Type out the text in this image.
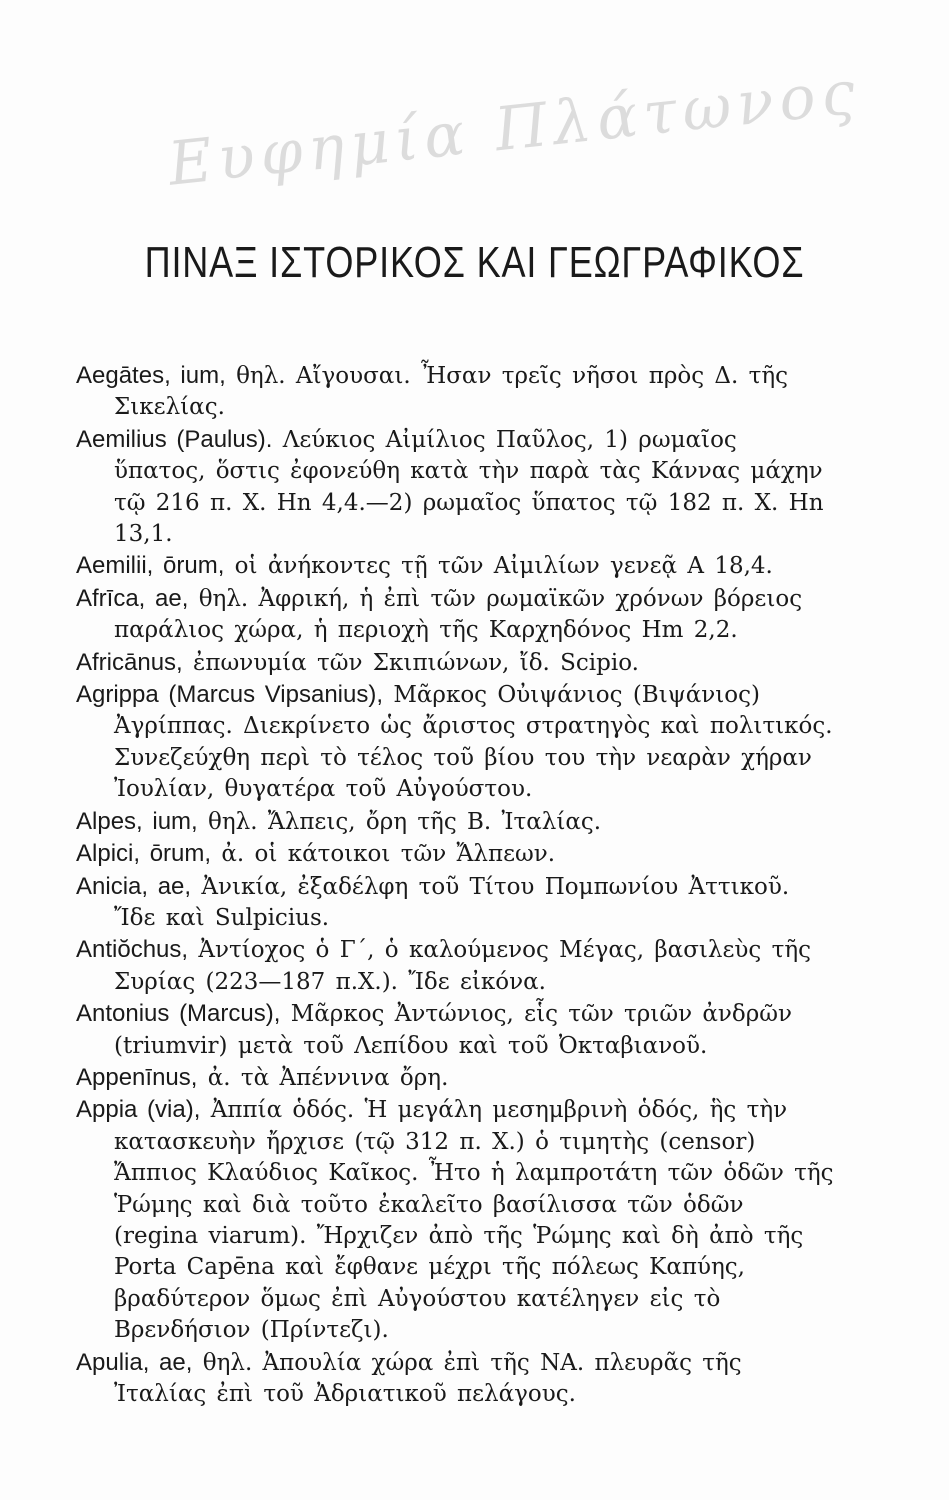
Ευφημία Πλάτωνος
ΠΙΝΑΞ ΙΣΤΟΡΙΚΟΣ ΚΑΙ ΓΕΩΓΡΑΦΙΚΟΣ

Aegātes, ium, θηλ. Αἴγουσαι. Ἦσαν τρεῖς νῆσοι πρὸς Δ. τῆς Σικελίας.

Aemilius (Paulus). Λεύκιος Αἰμίλιος Παῦλος, 1) ρωμαῖος ὕπατος, ὅστις ἐφονεύθη κατὰ τὴν παρὰ τὰς Κάννας μάχην τῷ 216 π. Χ. Hn 4,4.—2) ρωμαῖος ὕπατος τῷ 182 π. Χ. Hn 13,1.

Aemilii, ōrum, οἱ ἀνήκοντες τῇ τῶν Αἰμιλίων γενεᾷ A 18,4.

Afrīca, ae, θηλ. Ἀφρική, ἡ ἐπὶ τῶν ρωμαϊκῶν χρόνων βόρειος παράλιος χώρα, ἡ περιοχὴ τῆς Καρχηδόνος Hm 2,2.

Africānus, ἐπωνυμία τῶν Σκιπιώνων, ἴδ. Scipio.

Agrippa (Marcus Vipsanius), Μᾶρκος Οὐιψάνιος (Βιψάνιος) Ἀγρίππας. Διεκρίνετο ὡς ἄριστος στρατηγὸς καὶ πολιτικός. Συνεζεύχθη περὶ τὸ τέλος τοῦ βίου του τὴν νεαρὰν χήραν Ἰουλίαν, θυγατέρα τοῦ Αὐγούστου.

Alpes, ium, θηλ. Ἄλπεις, ὄρη τῆς Β. Ἰταλίας.

Alpici, ōrum, ἀ. οἱ κάτοικοι τῶν Ἄλπεων.

Anicia, ae, Ἀνικία, ἐξαδέλφη τοῦ Τίτου Πομπωνίου Ἀττικοῦ. Ἴδε καὶ Sulpicius.

Antiŏchus, Ἀντίοχος ὁ Γ´, ὁ καλούμενος Μέγας, βασιλεὺς τῆς Συρίας (223—187 π.Χ.). Ἴδε εἰκόνα.

Antonius (Marcus), Μᾶρκος Ἀντώνιος, εἷς τῶν τριῶν ἀνδρῶν (triumvir) μετὰ τοῦ Λεπίδου καὶ τοῦ Ὀκταβιανοῦ.

Appenīnus, ἀ. τὰ Ἀπέννινα ὄρη.

Appia (via), Ἀππία ὁδός. Ἡ μεγάλη μεσημβρινὴ ὁδός, ἣς τὴν κατασκευὴν ἤρχισε (τῷ 312 π. Χ.) ὁ τιμητὴς (censor) Ἄππιος Κλαύδιος Καῖκος. Ἦτο ἡ λαμπροτάτη τῶν ὁδῶν τῆς Ῥώμης καὶ διὰ τοῦτο ἐκαλεῖτο βασίλισσα τῶν ὁδῶν (regina viarum). Ἤρχιζεν ἀπὸ τῆς Ῥώμης καὶ δὴ ἀπὸ τῆς Porta Capēna καὶ ἔφθανε μέχρι τῆς πόλεως Καπύης, βραδύτερον ὅμως ἐπὶ Αὐγούστου κατέληγεν εἰς τὸ Βρενδήσιον (Πρίντεζι).

Apulia, ae, θηλ. Ἀπουλία χώρα ἐπὶ τῆς ΝΑ. πλευρᾶς τῆς Ἰταλίας ἐπὶ τοῦ Ἀδριατικοῦ πελάγους.
